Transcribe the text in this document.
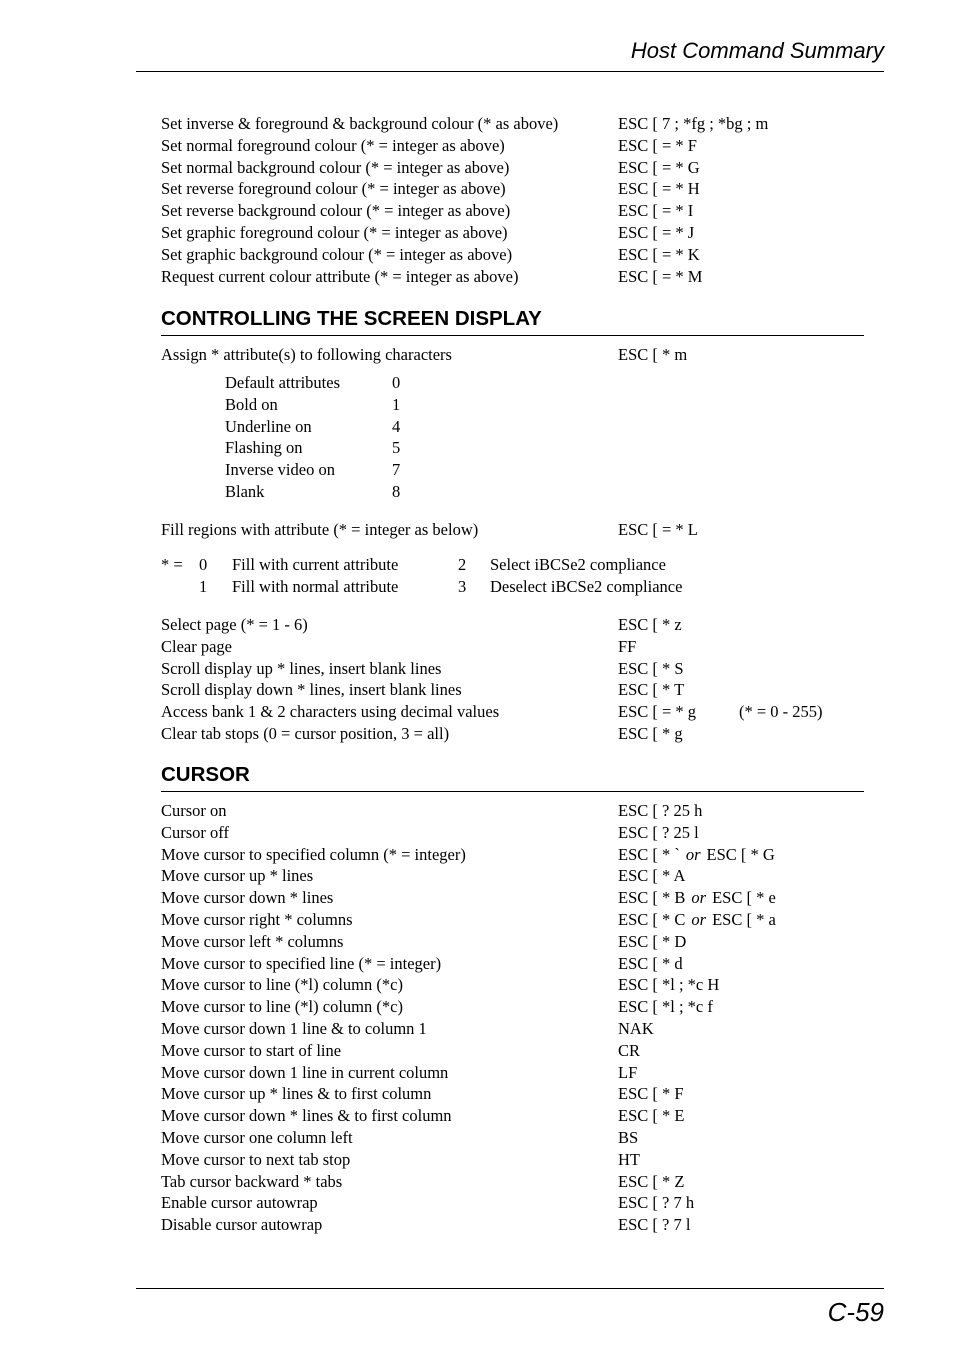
Host Command Summary
Set inverse & foreground & background colour (* as above)	ESC [ 7 ; *fg ; *bg ; m
Set normal foreground colour (* = integer as above)	ESC [ = * F
Set normal background colour (* = integer as above)	ESC [ = * G
Set reverse foreground colour (* = integer as above)	ESC [ = * H
Set reverse background colour (* = integer as above)	ESC [ = * I
Set graphic foreground colour (* = integer as above)	ESC [ = * J
Set graphic background colour (* = integer as above)	ESC [ = * K
Request current colour attribute (* = integer as above)	ESC [ = * M
CONTROLLING THE SCREEN DISPLAY
Assign * attribute(s) to following characters	ESC [ * m
Default attributes	0
Bold on	1
Underline on	4
Flashing on	5
Inverse video on	7
Blank	8
Fill regions with attribute (* = integer as below)	ESC [ = * L
* = 0 Fill with current attribute	2 Select iBCSe2 compliance
1 Fill with normal attribute	3 Deselect iBCSe2 compliance
Select page (* = 1 - 6)	ESC [ * z
Clear page	FF
Scroll display up * lines, insert blank lines	ESC [ * S
Scroll display down * lines, insert blank lines	ESC [ * T
Access bank 1 & 2 characters using decimal values	ESC [ = * g	(* = 0 - 255)
Clear tab stops (0 = cursor position, 3 = all)	ESC [ * g
CURSOR
Cursor on	ESC [ ? 25 h
Cursor off	ESC [ ? 25 l
Move cursor to specified column (* = integer)	ESC [ * ` or ESC [ * G
Move cursor up * lines	ESC [ * A
Move cursor down * lines	ESC [ * B or ESC [ * e
Move cursor right * columns	ESC [ * C or ESC [ * a
Move cursor left * columns	ESC [ * D
Move cursor to specified line (* = integer)	ESC [ * d
Move cursor to line (*l) column (*c)	ESC [ *l ; *c H
Move cursor to line (*l) column (*c)	ESC [ *l ; *c f
Move cursor down 1 line & to column 1	NAK
Move cursor to start of line	CR
Move cursor down 1 line in current column	LF
Move cursor up * lines & to first column	ESC [ * F
Move cursor down * lines & to first column	ESC [ * E
Move cursor one column left	BS
Move cursor to next tab stop	HT
Tab cursor backward * tabs	ESC [ * Z
Enable cursor autowrap	ESC [ ? 7 h
Disable cursor autowrap	ESC [ ? 7 l
C-59
